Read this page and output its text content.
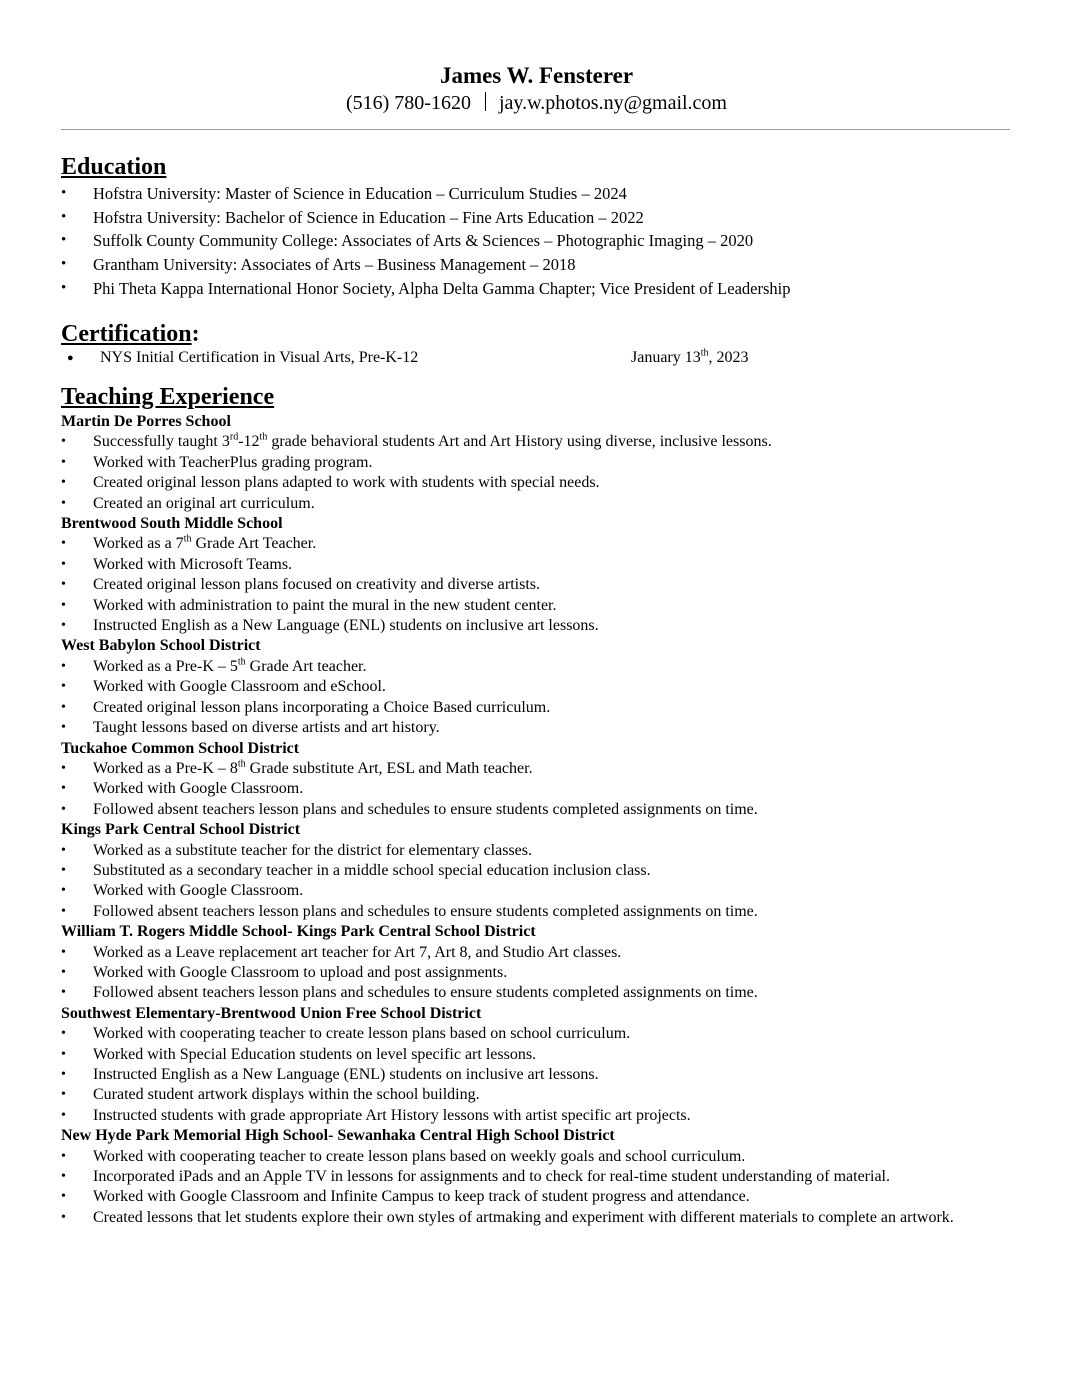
James W. Fensterer
(516) 780-1620 jay.w.photos.ny@gmail.com
Education
• Hofstra University: Master of Science in Education – Curriculum Studies – 2024
• Hofstra University: Bachelor of Science in Education – Fine Arts Education – 2022
• Suffolk County Community College: Associates of Arts & Sciences – Photographic Imaging – 2020
• Grantham University: Associates of Arts – Business Management – 2018
• Phi Theta Kappa International Honor Society, Alpha Delta Gamma Chapter; Vice President of Leadership
Certification:
● NYS Initial Certification in Visual Arts, Pre-K-12	January 13th, 2023
Teaching Experience
Martin De Porres School
• Successfully taught 3rd-12th grade behavioral students Art and Art History using diverse, inclusive lessons.
• Worked with TeacherPlus grading program.
• Created original lesson plans adapted to work with students with special needs.
• Created an original art curriculum.
Brentwood South Middle School
• Worked as a 7th Grade Art Teacher.
• Worked with Microsoft Teams.
• Created original lesson plans focused on creativity and diverse artists.
• Worked with administration to paint the mural in the new student center.
• Instructed English as a New Language (ENL) students on inclusive art lessons.
West Babylon School District
• Worked as a Pre-K – 5th Grade Art teacher.
• Worked with Google Classroom and eSchool.
• Created original lesson plans incorporating a Choice Based curriculum.
• Taught lessons based on diverse artists and art history.
Tuckahoe Common School District
• Worked as a Pre-K – 8th Grade substitute Art, ESL and Math teacher.
• Worked with Google Classroom.
• Followed absent teachers lesson plans and schedules to ensure students completed assignments on time.
Kings Park Central School District
• Worked as a substitute teacher for the district for elementary classes.
• Substituted as a secondary teacher in a middle school special education inclusion class.
• Worked with Google Classroom.
• Followed absent teachers lesson plans and schedules to ensure students completed assignments on time.
William T. Rogers Middle School- Kings Park Central School District
• Worked as a Leave replacement art teacher for Art 7, Art 8, and Studio Art classes.
• Worked with Google Classroom to upload and post assignments.
• Followed absent teachers lesson plans and schedules to ensure students completed assignments on time.
Southwest Elementary-Brentwood Union Free School District
• Worked with cooperating teacher to create lesson plans based on school curriculum.
• Worked with Special Education students on level specific art lessons.
• Instructed English as a New Language (ENL) students on inclusive art lessons.
• Curated student artwork displays within the school building.
• Instructed students with grade appropriate Art History lessons with artist specific art projects.
New Hyde Park Memorial High School- Sewanhaka Central High School District
• Worked with cooperating teacher to create lesson plans based on weekly goals and school curriculum.
• Incorporated iPads and an Apple TV in lessons for assignments and to check for real-time student understanding of material.
• Worked with Google Classroom and Infinite Campus to keep track of student progress and attendance.
• Created lessons that let students explore their own styles of artmaking and experiment with different materials to complete an artwork.
